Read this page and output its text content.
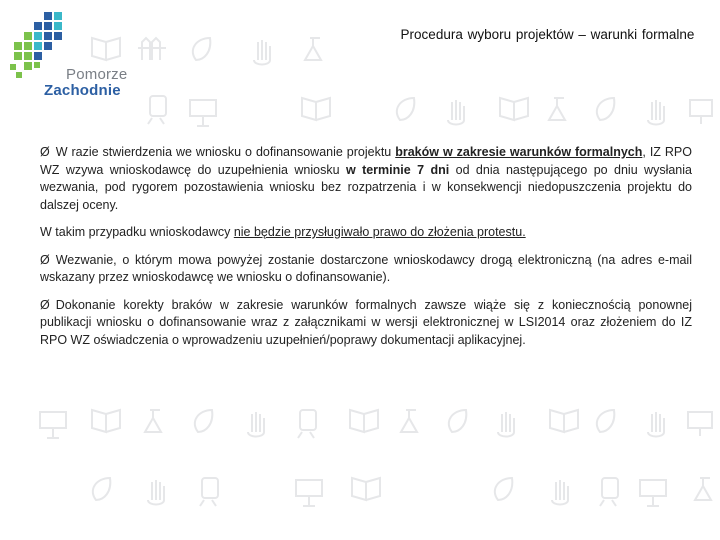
Pomorze
Zachodnie
Procedura wyboru projektów – warunki formalne

Ø W razie stwierdzenia we wniosku o dofinansowanie projektu braków w zakresie warunków formalnych, IZ RPO WZ wzywa wnioskodawcę do uzupełnienia wniosku w terminie 7 dni od dnia następującego po dniu wysłania wezwania, pod rygorem pozostawienia wniosku bez rozpatrzenia i w konsekwencji niedopuszczenia projektu do dalszej oceny.

W takim przypadku wnioskodawcy nie będzie przysługiwało prawo do złożenia protestu.

Ø Wezwanie, o którym mowa powyżej zostanie dostarczone wnioskodawcy drogą elektroniczną (na adres e-mail wskazany przez wnioskodawcę we wniosku o dofinansowanie).

Ø Dokonanie korekty braków w zakresie warunków formalnych zawsze wiąże się z koniecznością ponownej publikacji wniosku o dofinansowanie wraz z załącznikami w wersji elektronicznej w LSI2014 oraz złożeniem do IZ RPO WZ oświadczenia o wprowadzeniu uzupełnień/poprawy dokumentacji aplikacyjnej.
